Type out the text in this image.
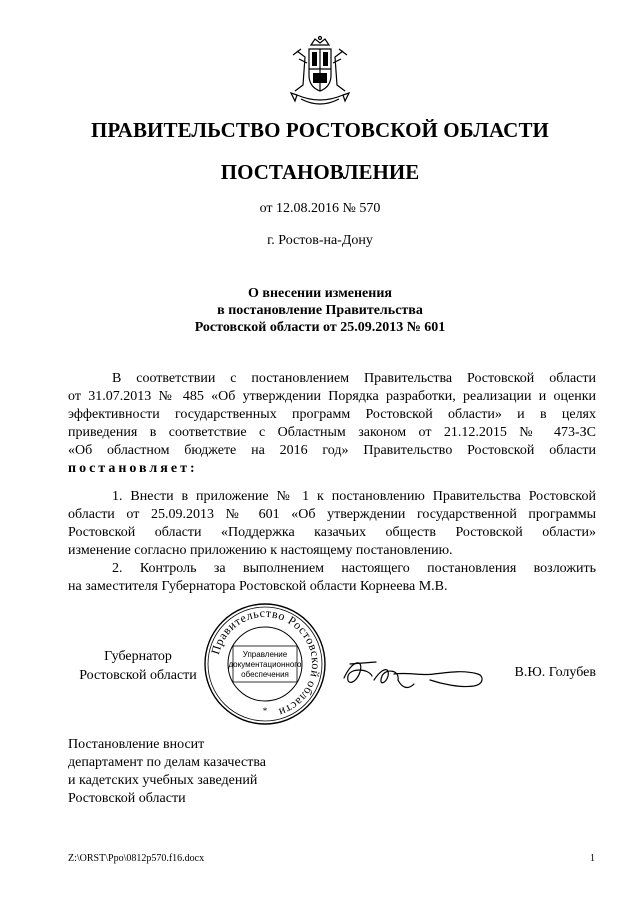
ПРАВИТЕЛЬСТВО РОСТОВСКОЙ ОБЛАСТИ
ПОСТАНОВЛЕНИЕ
от 12.08.2016 № 570
г. Ростов-на-Дону
О внесении изменения
в постановление Правительства
Ростовской области от 25.09.2013 № 601
В соответствии с постановлением Правительства Ростовской области
от 31.07.2013 № 485 «Об утверждении Порядка разработки, реализации и оценки
эффективности государственных программ Ростовской области» и в целях
приведения в соответствие с Областным законом от 21.12.2015 № 473-ЗС
«Об областном бюджете на 2016 год» Правительство Ростовской области
постановляет:
1. Внести в приложение № 1 к постановлению Правительства Ростовской
области от 25.09.2013 № 601 «Об утверждении государственной программы
Ростовской области «Поддержка казачьих обществ Ростовской области»
изменение согласно приложению к настоящему постановлению.
2. Контроль за выполнением настоящего постановления возложить
на заместителя Губернатора Ростовской области Корнеева М.В.
Губернатор
Ростовской области
Правительство Ростовской области
*
Управление
документационного
обеспечения	В.Ю. Голубев
Постановление вносит
департамент по делам казачества
и кадетских учебных заведений
Ростовской области
Z:\ORST\Ppo\0812p570.f16.docx	1
